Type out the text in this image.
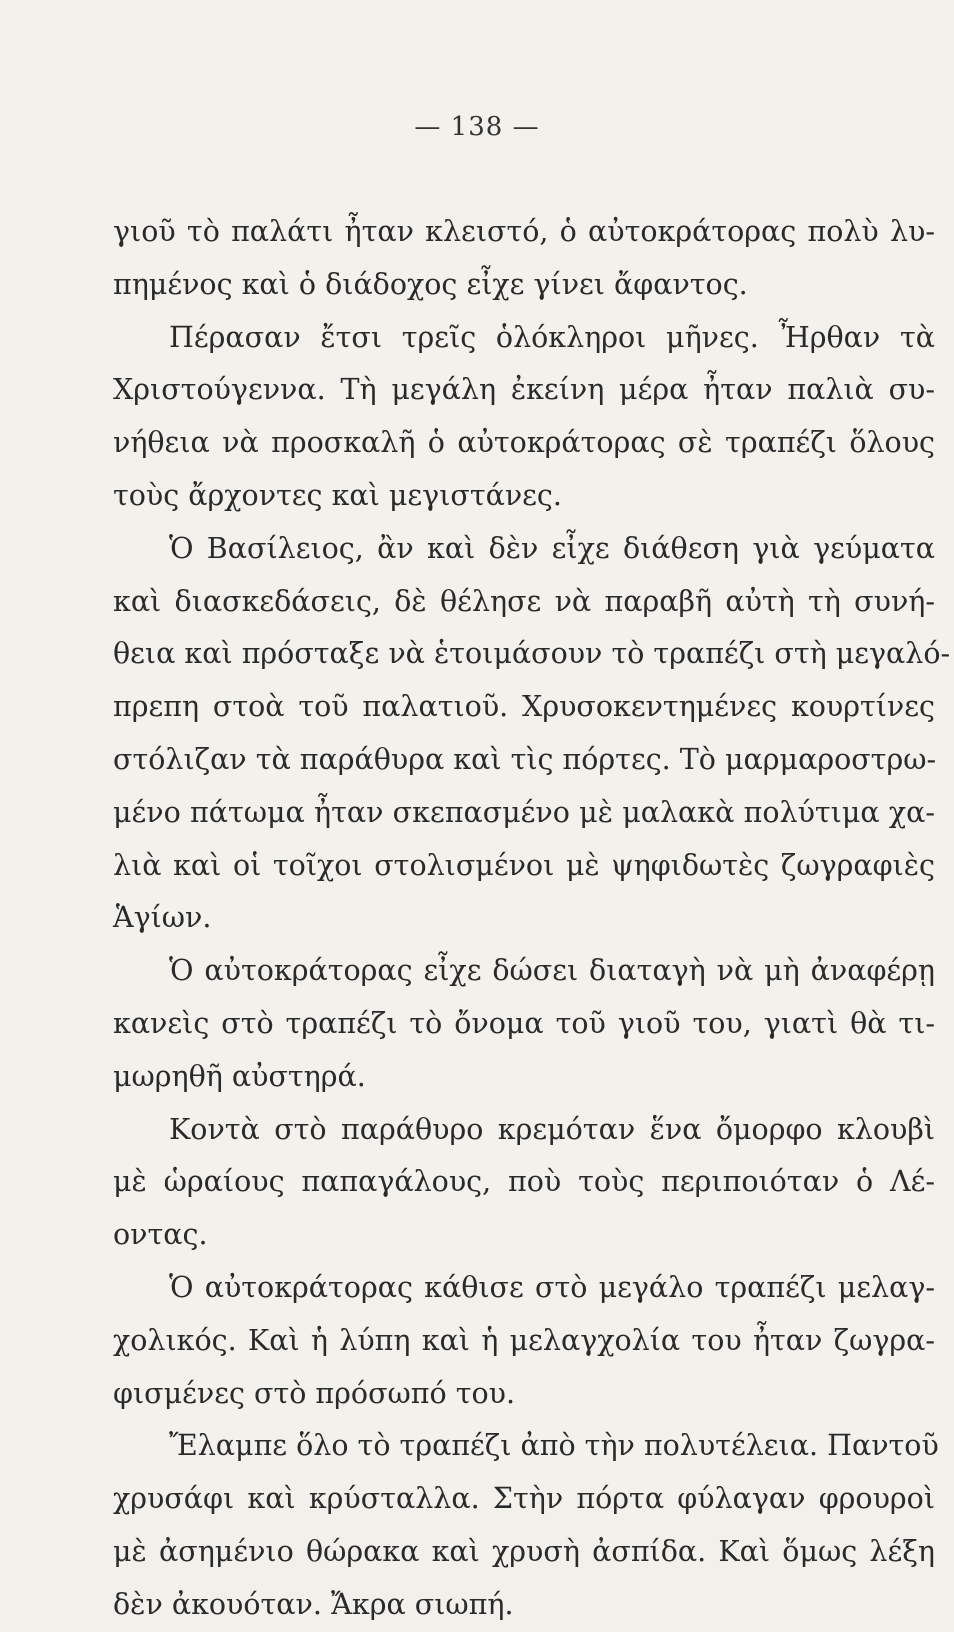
— 138 —
γιοῦ τὸ παλάτι ἦταν κλειστό, ὁ αὐτοκράτορας πολὺ λυ-
πημένος καὶ ὁ διάδοχος εἶχε γίνει ἄφαντος.
Πέρασαν ἔτσι τρεῖς ὁλόκληροι μῆνες. Ἦρθαν τὰ
Χριστούγεννα. Τὴ μεγάλη ἐκείνη μέρα ἦταν παλιὰ συ-
νήθεια νὰ προσκαλῆ ὁ αὐτοκράτορας σὲ τραπέζι ὅλους
τοὺς ἄρχοντες καὶ μεγιστάνες.
Ὁ Βασίλειος, ἂν καὶ δὲν εἶχε διάθεση γιὰ γεύματα
καὶ διασκεδάσεις, δὲ θέλησε νὰ παραβῆ αὐτὴ τὴ συνή-
θεια καὶ πρόσταξε νὰ ἑτοιμάσουν τὸ τραπέζι στὴ μεγαλό-
πρεπη στοὰ τοῦ παλατιοῦ. Χρυσοκεντημένες κουρτίνες
στόλιζαν τὰ παράθυρα καὶ τὶς πόρτες. Τὸ μαρμαροστρω-
μένο πάτωμα ἦταν σκεπασμένο μὲ μαλακὰ πολύτιμα χα-
λιὰ καὶ οἱ τοῖχοι στολισμένοι μὲ ψηφιδωτὲς ζωγραφιὲς
Ἁγίων.
Ὁ αὐτοκράτορας εἶχε δώσει διαταγὴ νὰ μὴ ἀναφέρῃ
κανεὶς στὸ τραπέζι τὸ ὄνομα τοῦ γιοῦ του, γιατὶ θὰ τι-
μωρηθῆ αὐστηρά.
Κοντὰ στὸ παράθυρο κρεμόταν ἕνα ὄμορφο κλουβὶ
μὲ ὡραίους παπαγάλους, ποὺ τοὺς περιποιόταν ὁ Λέ-
οντας.
Ὁ αὐτοκράτορας κάθισε στὸ μεγάλο τραπέζι μελαγ-
χολικός. Καὶ ἡ λύπη καὶ ἡ μελαγχολία του ἦταν ζωγρα-
φισμένες στὸ πρόσωπό του.
Ἔλαμπε ὅλο τὸ τραπέζι ἀπὸ τὴν πολυτέλεια. Παντοῦ
χρυσάφι καὶ κρύσταλλα. Στὴν πόρτα φύλαγαν φρουροὶ
μὲ ἀσημένιο θώρακα καὶ χρυσὴ ἀσπίδα. Καὶ ὅμως λέξη
δὲν ἀκουόταν. Ἄκρα σιωπή.
